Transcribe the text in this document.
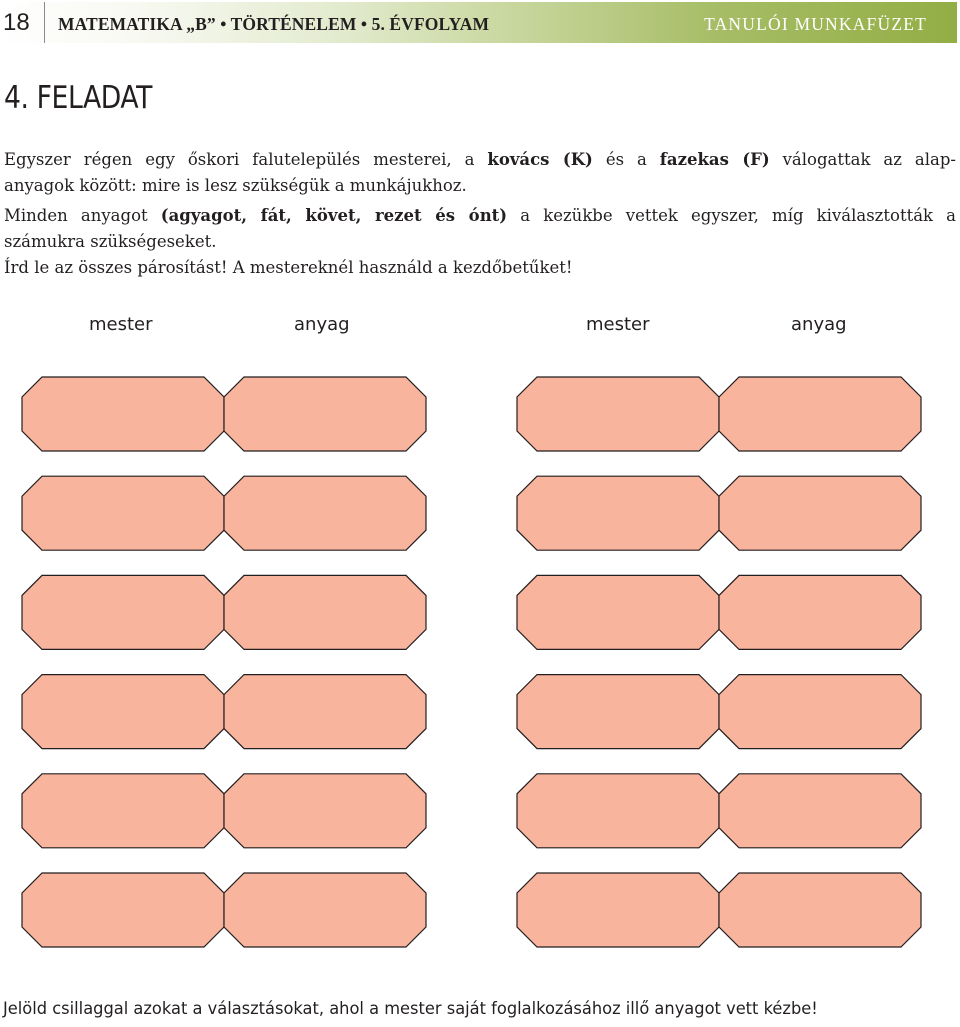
18 MATEMATIKA „B” • TÖRTÉNELEM • 5. ÉVFOLYAM	TANULÓI MUNKAFÜZET
4. FELADAT

Egyszer régen egy őskori falutelepülés mesterei, a kovács (K) és a fazekas (F) válogattak az alap-
anyagok között: mire is lesz szükségük a munkájukhoz.

Minden anyagot (agyagot, fát, követ, rezet és ónt) a kezükbe vettek egyszer, míg kiválasztották a
számukra szükségeseket.

Írd le az összes párosítást! A mestereknél használd a kezdőbetűket!

mester	anyag	mester	anyag
Jelöld csillaggal azokat a választásokat, ahol a mester saját foglalkozásához illő anyagot vett kézbe!
